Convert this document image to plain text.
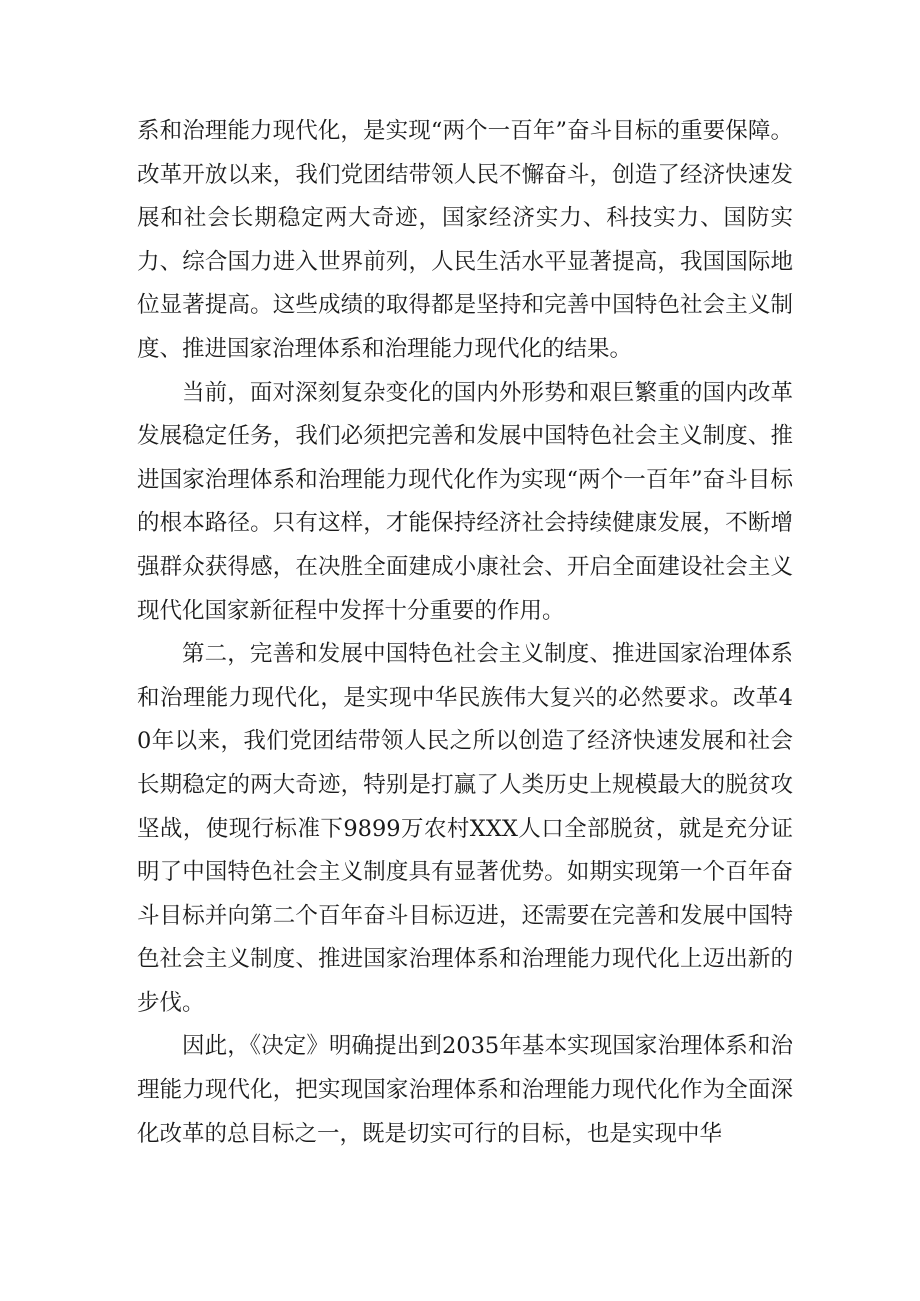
系和治理能力现代化，是实现“两个一百年”奋斗目标的重要保障。改革开放以来，我们党团结带领人民不懈奋斗，创造了经济快速发展和社会长期稳定两大奇迹，国家经济实力、科技实力、国防实力、综合国力进入世界前列，人民生活水平显著提高，我国国际地位显著提高。这些成绩的取得都是坚持和完善中国特色社会主义制度、推进国家治理体系和治理能力现代化的结果。

当前，面对深刻复杂变化的国内外形势和艰巨繁重的国内改革发展稳定任务，我们必须把完善和发展中国特色社会主义制度、推进国家治理体系和治理能力现代化作为实现“两个一百年”奋斗目标的根本路径。只有这样，才能保持经济社会持续健康发展，不断增强群众获得感，在决胜全面建成小康社会、开启全面建设社会主义现代化国家新征程中发挥十分重要的作用。

第二，完善和发展中国特色社会主义制度、推进国家治理体系和治理能力现代化，是实现中华民族伟大复兴的必然要求。改革40年以来，我们党团结带领人民之所以创造了经济快速发展和社会长期稳定的两大奇迹，特别是打赢了人类历史上规模最大的脱贫攻坚战，使现行标准下9899万农村XXX人口全部脱贫，就是充分证明了中国特色社会主义制度具有显著优势。如期实现第一个百年奋斗目标并向第二个百年奋斗目标迈进，还需要在完善和发展中国特色社会主义制度、推进国家治理体系和治理能力现代化上迈出新的步伐。

因此，《决定》明确提出到2035年基本实现国家治理体系和治理能力现代化，把实现国家治理体系和治理能力现代化作为全面深化改革的总目标之一，既是切实可行的目标，也是实现中华
